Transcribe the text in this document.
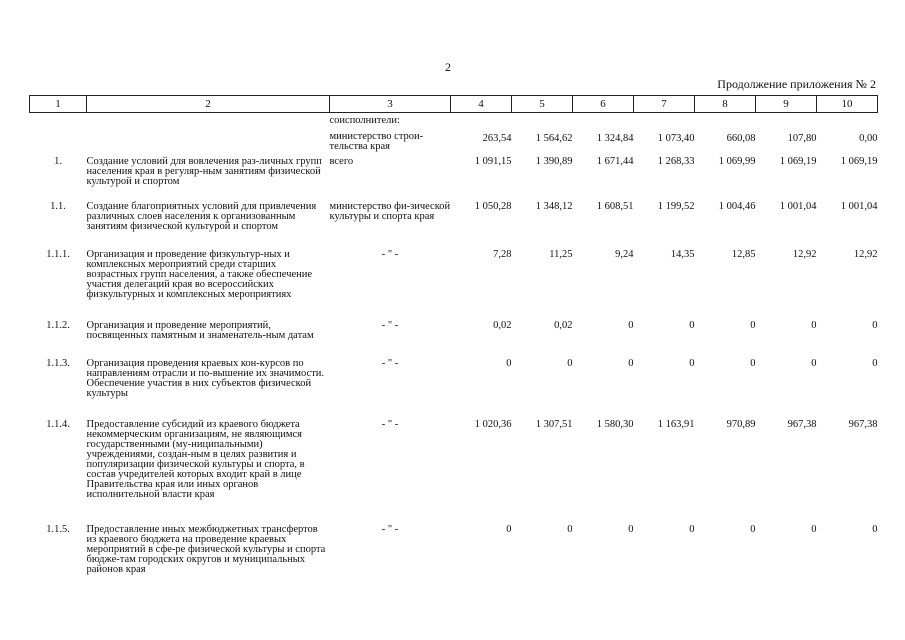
2
Продолжение приложения № 2
1	2	3	4	5	6	7	8	9	10
		соисполнители:							
		министерство строи-тельства края	263,54	1 564,62	1 324,84	1 073,40	660,08	107,80	0,00
1.	Создание условий для вовлечения раз-личных групп населения края в регуляр-ным занятиям физической культурой и спортом	всего	1 091,15	1 390,89	1 671,44	1 268,33	1 069,99	1 069,19	1 069,19
1.1.	Создание благоприятных условий для привлечения различных слоев населения к организованным занятиям физической культурой и спортом	министерство фи-зической культуры и спорта края	1 050,28	1 348,12	1 608,51	1 199,52	1 004,46	1 001,04	1 001,04
1.1.1.	Организация и проведение физкультур-ных и комплексных мероприятий среди старших возрастных групп населения, а также обеспечение участия делегаций края во всероссийских физкультурных и комплексных мероприятиях	- " -	7,28	11,25	9,24	14,35	12,85	12,92	12,92
1.1.2.	Организация и проведение мероприятий, посвященных памятным и знаменатель-ным датам	- " -	0,02	0,02	0	0	0	0	0
1.1.3.	Организация проведения краевых кон-курсов по направлениям отрасли и по-вышение их значимости. Обеспечение участия в них субъектов физической культуры	- " -	0	0	0	0	0	0	0
1.1.4.	Предоставление субсидий из краевого бюджета некоммерческим организациям, не являющимся государственными (му-ниципальными) учреждениями, создан-ным в целях развития и популяризации физической культуры и спорта, в состав учредителей которых входит край в лице Правительства края или иных органов исполнительной власти края	- " -	1 020,36	1 307,51	1 580,30	1 163,91	970,89	967,38	967,38
1.1.5.	Предоставление иных межбюджетных трансфертов из краевого бюджета на проведение краевых мероприятий в сфе-ре физической культуры и спорта бюдже-там городских округов и муниципальных районов края	- " -	0	0	0	0	0	0	0
